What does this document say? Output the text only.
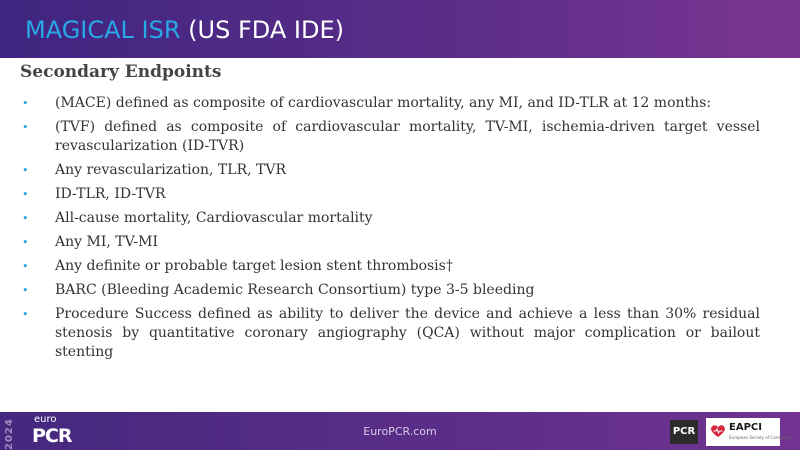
MAGICAL ISR (US FDA IDE)
Secondary Endpoints
• (MACE) defined as composite of cardiovascular mortality, any MI, and ID-TLR at 12 months:
• (TVF) defined as composite of cardiovascular mortality, TV-MI, ischemia-driven target vessel revascularization (ID-TVR)
• Any revascularization, TLR, TVR
• ID-TLR, ID-TVR
• All-cause mortality, Cardiovascular mortality
• Any MI, TV-MI
• Any definite or probable target lesion stent thrombosis†
• BARC (Bleeding Academic Research Consortium) type 3-5 bleeding
• Procedure Success defined as ability to deliver the device and achieve a less than 30% residual stenosis by quantitative coronary angiography (QCA) without major complication or bailout stenting
2024 euro
PCR	EuroPCR.com	PCR	EAPCI
European Society of Cardiology
